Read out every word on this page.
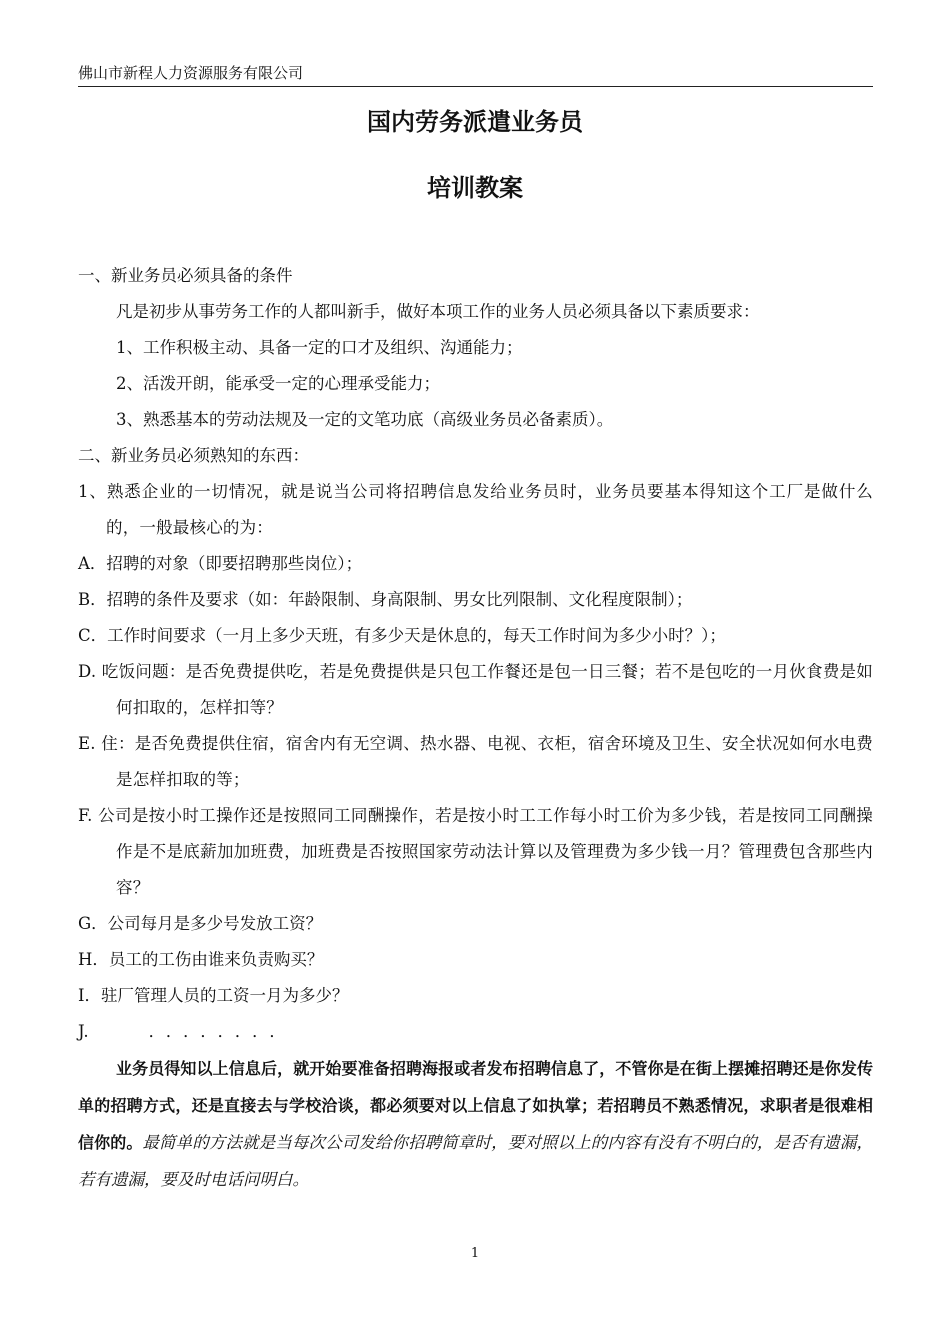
佛山市新程人力资源服务有限公司
国内劳务派遣业务员
培训教案

一、新业务员必须具备的条件

凡是初步从事劳务工作的人都叫新手，做好本项工作的业务人员必须具备以下素质要求：

1、工作积极主动、具备一定的口才及组织、沟通能力；

2、活泼开朗，能承受一定的心理承受能力；

3、熟悉基本的劳动法规及一定的文笔功底（高级业务员必备素质）。

二、新业务员必须熟知的东西：

1、熟悉企业的一切情况，就是说当公司将招聘信息发给业务员时，业务员要基本得知这个工厂是做什么的，一般最核心的为：

A．招聘的对象（即要招聘那些岗位）；

B．招聘的条件及要求（如：年龄限制、身高限制、男女比列限制、文化程度限制）；

C．工作时间要求（一月上多少天班，有多少天是休息的，每天工作时间为多少小时？）；

D. 吃饭问题：是否免费提供吃，若是免费提供是只包工作餐还是包一日三餐；若不是包吃的一月伙食费是如何扣取的，怎样扣等？

E. 住：是否免费提供住宿，宿舍内有无空调、热水器、电视、衣柜，宿舍环境及卫生、安全状况如何水电费是怎样扣取的等；

F. 公司是按小时工操作还是按照同工同酬操作，若是按小时工工作每小时工价为多少钱，若是按同工同酬操作是不是底薪加加班费，加班费是否按照国家劳动法计算以及管理费为多少钱一月？管理费包含那些内容？

G．公司每月是多少号发放工资？

H．员工的工伤由谁来负责购买？

I．驻厂管理人员的工资一月为多少？

J.	．．．．．．．．

业务员得知以上信息后，就开始要准备招聘海报或者发布招聘信息了，不管你是在街上摆摊招聘还是你发传单的招聘方式，还是直接去与学校洽谈，都必须要对以上信息了如执掌；若招聘员不熟悉情况，求职者是很难相信你的。最简单的方法就是当每次公司发给你招聘简章时，要对照以上的内容有没有不明白的，是否有遗漏，若有遗漏，要及时电话问明白。

1
